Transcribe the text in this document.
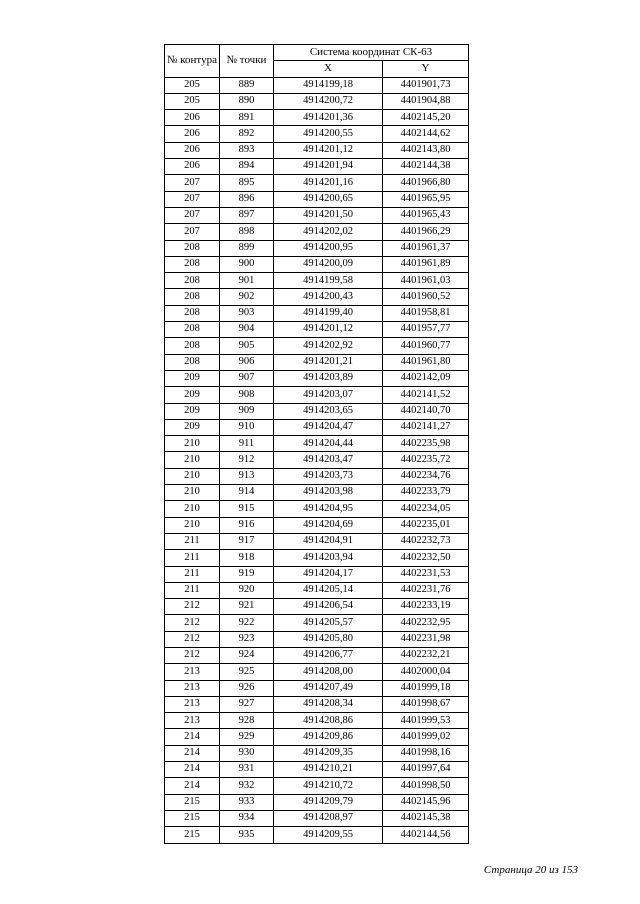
№ контура	№ точки	Система координат СК-63	
		X	Y
205	889	4914199,18	4401901,73
205	890	4914200,72	4401904,88
206	891	4914201,36	4402145,20
206	892	4914200,55	4402144,62
206	893	4914201,12	4402143,80
206	894	4914201,94	4402144,38
207	895	4914201,16	4401966,80
207	896	4914200,65	4401965,95
207	897	4914201,50	4401965,43
207	898	4914202,02	4401966,29
208	899	4914200,95	4401961,37
208	900	4914200,09	4401961,89
208	901	4914199,58	4401961,03
208	902	4914200,43	4401960,52
208	903	4914199,40	4401958,81
208	904	4914201,12	4401957,77
208	905	4914202,92	4401960,77
208	906	4914201,21	4401961,80
209	907	4914203,89	4402142,09
209	908	4914203,07	4402141,52
209	909	4914203,65	4402140,70
209	910	4914204,47	4402141,27
210	911	4914204,44	4402235,98
210	912	4914203,47	4402235,72
210	913	4914203,73	4402234,76
210	914	4914203,98	4402233,79
210	915	4914204,95	4402234,05
210	916	4914204,69	4402235,01
211	917	4914204,91	4402232,73
211	918	4914203,94	4402232,50
211	919	4914204,17	4402231,53
211	920	4914205,14	4402231,76
212	921	4914206,54	4402233,19
212	922	4914205,57	4402232,95
212	923	4914205,80	4402231,98
212	924	4914206,77	4402232,21
213	925	4914208,00	4402000,04
213	926	4914207,49	4401999,18
213	927	4914208,34	4401998,67
213	928	4914208,86	4401999,53
214	929	4914209,86	4401999,02
214	930	4914209,35	4401998,16
214	931	4914210,21	4401997,64
214	932	4914210,72	4401998,50
215	933	4914209,79	4402145,96
215	934	4914208,97	4402145,38
215	935	4914209,55	4402144,56
Страница 20 из 153
